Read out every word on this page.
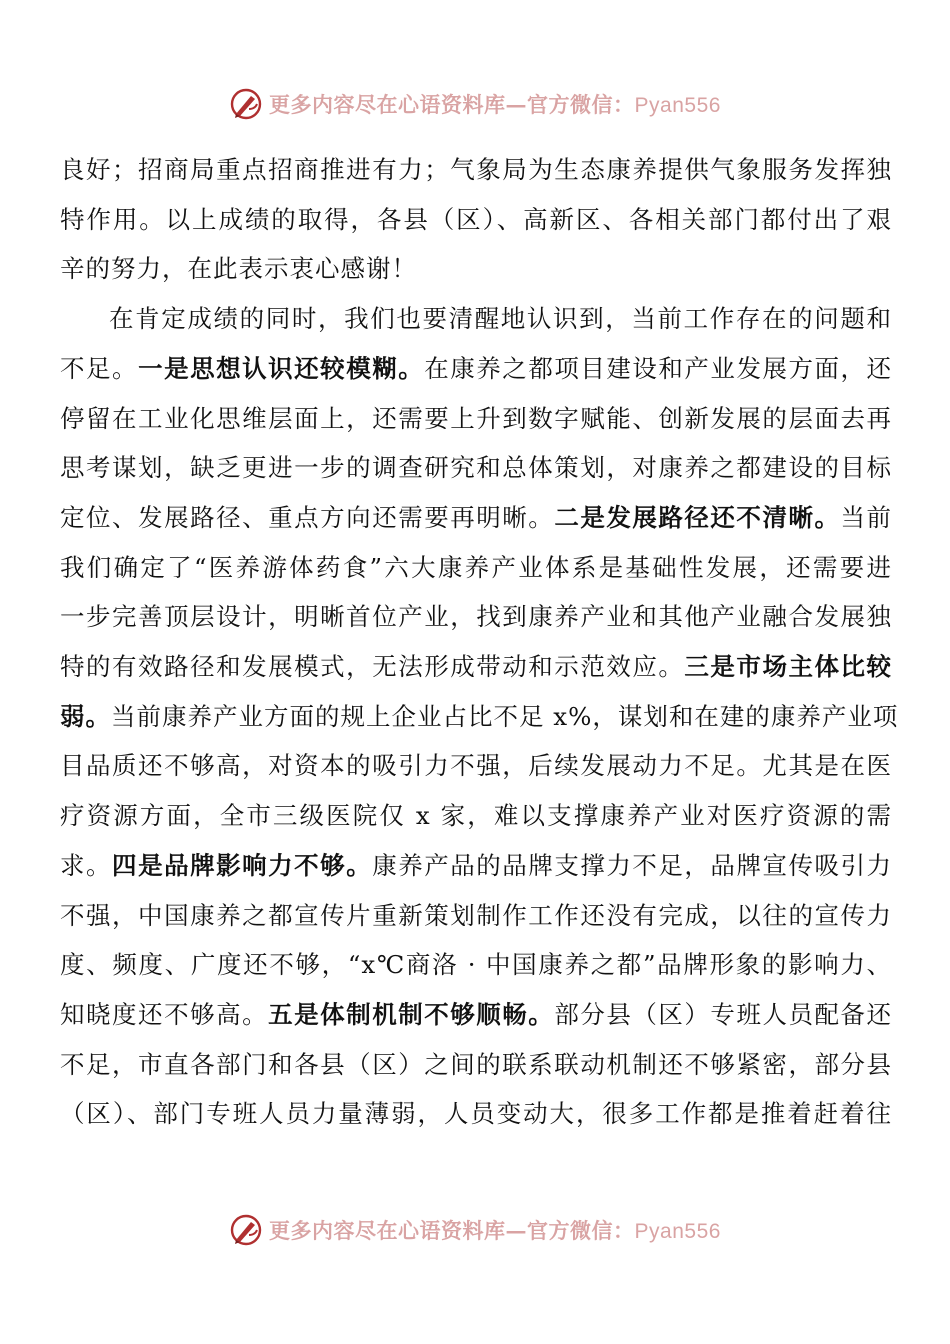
更多内容尽在心语资料库—官方微信：Pyan556
良好；招商局重点招商推进有力；气象局为生态康养提供气象服务发挥独
特作用。以上成绩的取得，各县（区）、高新区、各相关部门都付出了艰
辛的努力，在此表示衷心感谢！
在肯定成绩的同时，我们也要清醒地认识到，当前工作存在的问题和
不足。一是思想认识还较模糊。在康养之都项目建设和产业发展方面，还
停留在工业化思维层面上，还需要上升到数字赋能、创新发展的层面去再
思考谋划，缺乏更进一步的调查研究和总体策划，对康养之都建设的目标
定位、发展路径、重点方向还需要再明晰。二是发展路径还不清晰。当前
我们确定了“医养游体药食”六大康养产业体系是基础性发展，还需要进
一步完善顶层设计，明晰首位产业，找到康养产业和其他产业融合发展独
特的有效路径和发展模式，无法形成带动和示范效应。三是市场主体比较
弱。当前康养产业方面的规上企业占比不足 x%，谋划和在建的康养产业项
目品质还不够高，对资本的吸引力不强，后续发展动力不足。尤其是在医
疗资源方面，全市三级医院仅 x 家，难以支撑康养产业对医疗资源的需
求。四是品牌影响力不够。康养产品的品牌支撑力不足，品牌宣传吸引力
不强，中国康养之都宣传片重新策划制作工作还没有完成，以往的宣传力
度、频度、广度还不够，“x℃商洛 · 中国康养之都”品牌形象的影响力、
知晓度还不够高。五是体制机制不够顺畅。部分县（区）专班人员配备还
不足，市直各部门和各县（区）之间的联系联动机制还不够紧密，部分县
（区）、部门专班人员力量薄弱，人员变动大，很多工作都是推着赶着往
更多内容尽在心语资料库—官方微信：Pyan556
